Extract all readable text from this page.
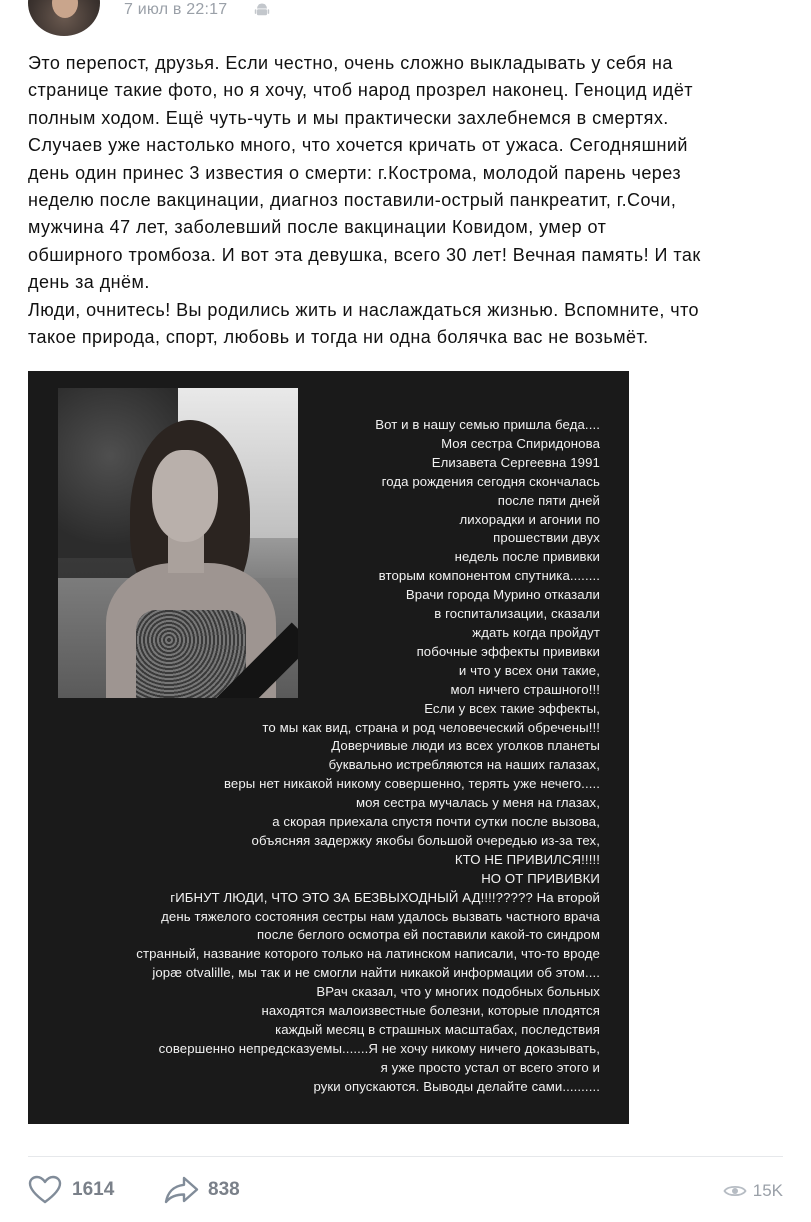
7 июл в 22:17
Это перепост, друзья. Если честно, очень сложно выкладывать у себя на
странице такие фото, но я хочу, чтоб народ прозрел наконец. Геноцид идёт
полным ходом. Ещё чуть-чуть и мы практически захлебнемся в смертях.
Случаев уже настолько много, что хочется кричать от ужаса. Сегодняшний
день один принес 3 известия о смерти: г.Кострома, молодой парень через
неделю после вакцинации, диагноз поставили-острый панкреатит, г.Сочи,
мужчина 47 лет, заболевший после вакцинации Ковидом, умер от
обширного тромбоза. И вот эта девушка, всего 30 лет! Вечная память! И так
день за днём.
Люди, очнитесь! Вы родились жить и наслаждаться жизнью. Вспомните, что
такое природа, спорт, любовь и тогда ни одна болячка вас не возьмёт.
Вот и в нашу семью пришла беда....
Моя сестра Спиридонова
Елизавета Сергеевна 1991
года рождения сегодня скончалась
после пяти дней
лихорадки и агонии по
прошествии двух
недель после прививки
вторым компонентом спутника........
Врачи города Мурино отказали
в госпитализации, сказали
ждать когда пройдут
побочные эффекты прививки
и что у всех они такие,
мол ничего страшного!!!
Если у всех такие эффекты,
то мы как вид, страна и род человеческий обречены!!!
Доверчивые люди из всех уголков планеты
буквально истребляются на наших галазах,
веры нет никакой никому совершенно, терять уже нечего.....
моя сестра мучалась у меня на глазах,
а скорая приехала спустя почти сутки после вызова,
объясняя задержку якобы большой очередью из-за тех,
КТО НЕ ПРИВИЛСЯ!!!!!
НО ОТ ПРИВИВКИ
гИБНУТ ЛЮДИ, ЧТО ЭТО ЗА БЕЗВЫХОДНЫЙ АД!!!!????? На второй
день тяжелого состояния сестры нам удалось вызвать частного врача
после беглого осмотра ей поставили какой-то синдром
странный, название которого только на латинском написали, что-то вроде
jopæ otvalille, мы так и не смогли найти никакой информации об этом....
ВРач сказал, что у многих подобных больных
находятся малоизвестные болезни, которые плодятся
каждый месяц в страшных масштабах, последствия
совершенно непредсказуемы.......Я не хочу никому ничего доказывать,
я уже просто устал от всего этого и
руки опускаются. Выводы делайте сами..........
1614	838	15K
